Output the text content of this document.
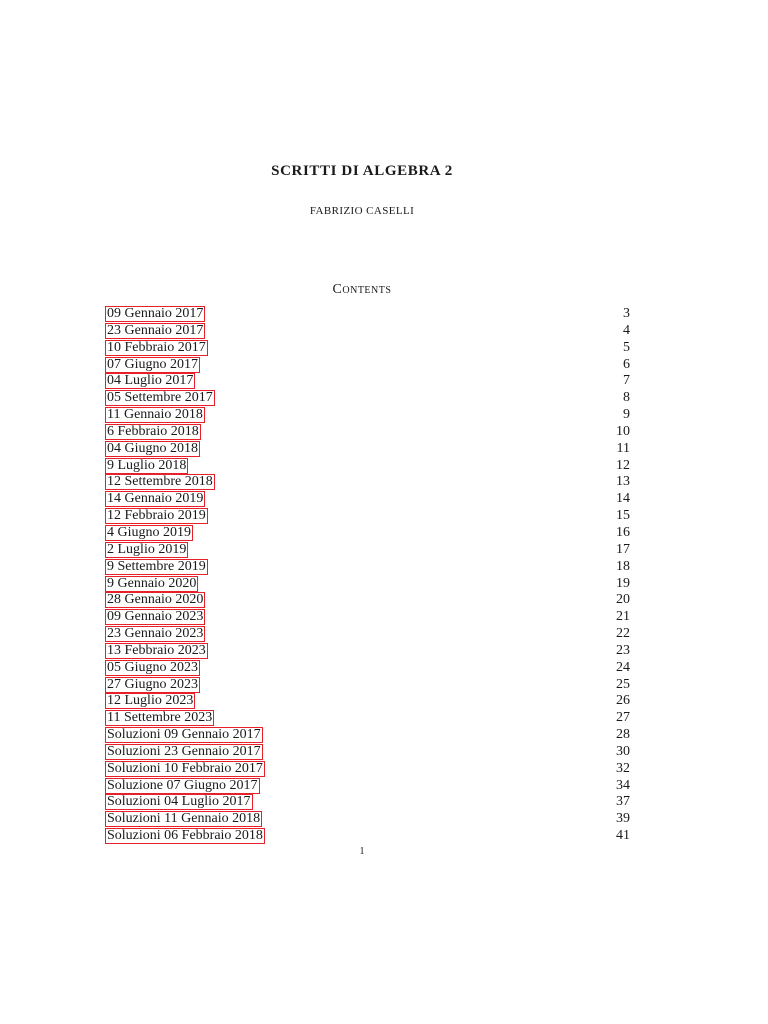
SCRITTI DI ALGEBRA 2
FABRIZIO CASELLI
Contents
09 Gennaio 2017	3
23 Gennaio 2017	4
10 Febbraio 2017	5
07 Giugno 2017	6
04 Luglio 2017	7
05 Settembre 2017	8
11 Gennaio 2018	9
6 Febbraio 2018	10
04 Giugno 2018	11
9 Luglio 2018	12
12 Settembre 2018	13
14 Gennaio 2019	14
12 Febbraio 2019	15
4 Giugno 2019	16
2 Luglio 2019	17
9 Settembre 2019	18
9 Gennaio 2020	19
28 Gennaio 2020	20
09 Gennaio 2023	21
23 Gennaio 2023	22
13 Febbraio 2023	23
05 Giugno 2023	24
27 Giugno 2023	25
12 Luglio 2023	26
11 Settembre 2023	27
Soluzioni 09 Gennaio 2017	28
Soluzioni 23 Gennaio 2017	30
Soluzioni 10 Febbraio 2017	32
Soluzione 07 Giugno 2017	34
Soluzioni 04 Luglio 2017	37
Soluzioni 11 Gennaio 2018	39
Soluzioni 06 Febbraio 2018	41
1
